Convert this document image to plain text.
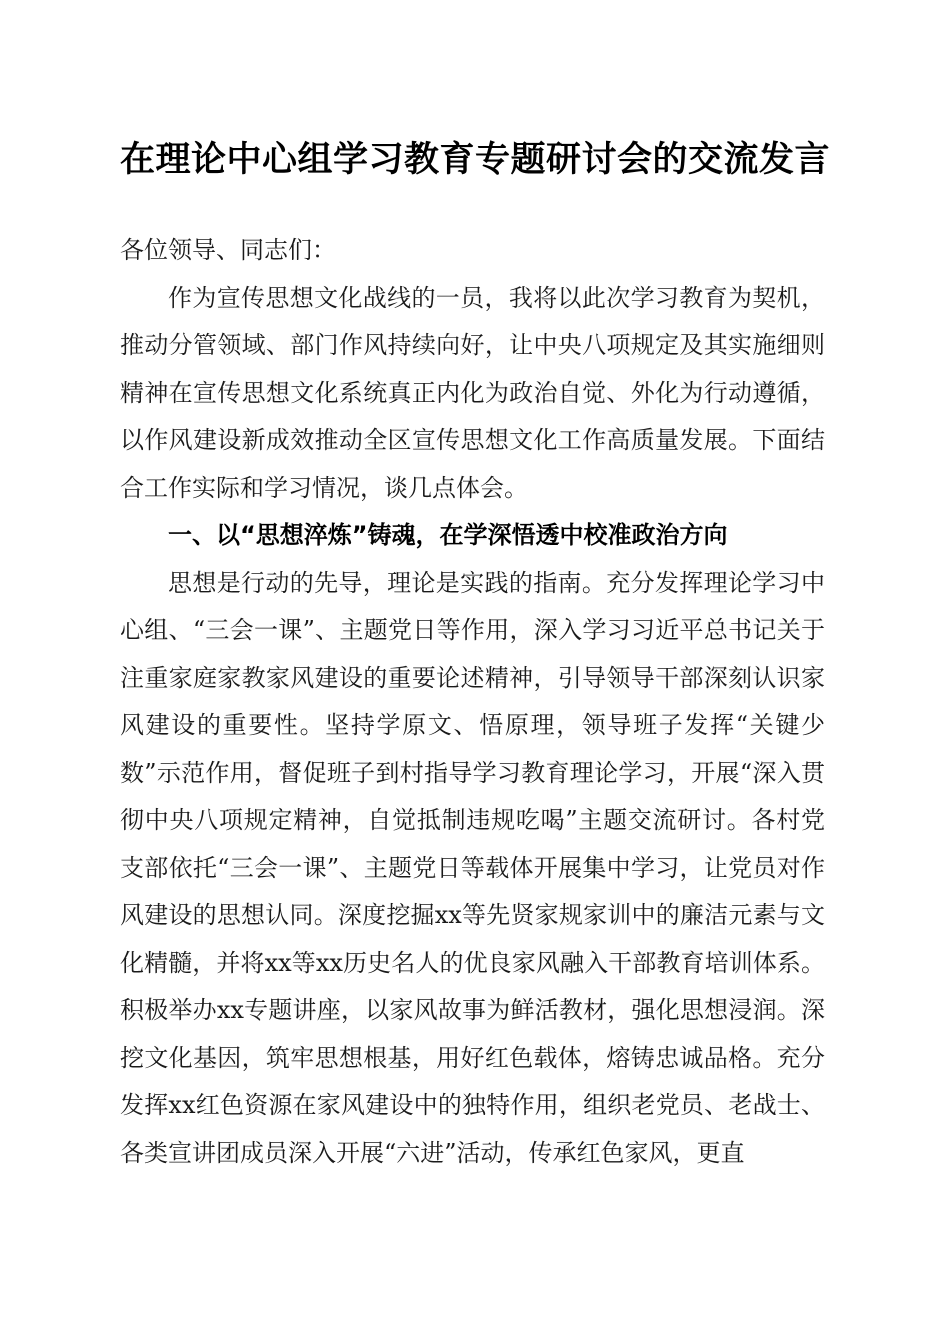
在理论中心组学习教育专题研讨会的交流发言

各位领导、同志们：

作为宣传思想文化战线的一员，我将以此次学习教育为契机，推动分管领域、部门作风持续向好，让中央八项规定及其实施细则精神在宣传思想文化系统真正内化为政治自觉、外化为行动遵循，以作风建设新成效推动全区宣传思想文化工作高质量发展。下面结合工作实际和学习情况，谈几点体会。

一、以“思想淬炼”铸魂，在学深悟透中校准政治方向

思想是行动的先导，理论是实践的指南。充分发挥理论学习中心组、“三会一课”、主题党日等作用，深入学习习近平总书记关于注重家庭家教家风建设的重要论述精神，引导领导干部深刻认识家风建设的重要性。坚持学原文、悟原理，领导班子发挥“关键少数”示范作用，督促班子到村指导学习教育理论学习，开展“深入贯彻中央八项规定精神，自觉抵制违规吃喝”主题交流研讨。各村党支部依托“三会一课”、主题党日等载体开展集中学习，让党员对作风建设的思想认同。深度挖掘xx等先贤家规家训中的廉洁元素与文化精髓，并将xx等xx历史名人的优良家风融入干部教育培训体系。积极举办xx专题讲座，以家风故事为鲜活教材，强化思想浸润。深挖文化基因，筑牢思想根基，用好红色载体，熔铸忠诚品格。充分发挥xx红色资源在家风建设中的独特作用，组织老党员、老战士、各类宣讲团成员深入开展“六进”活动，传承红色家风，更直
